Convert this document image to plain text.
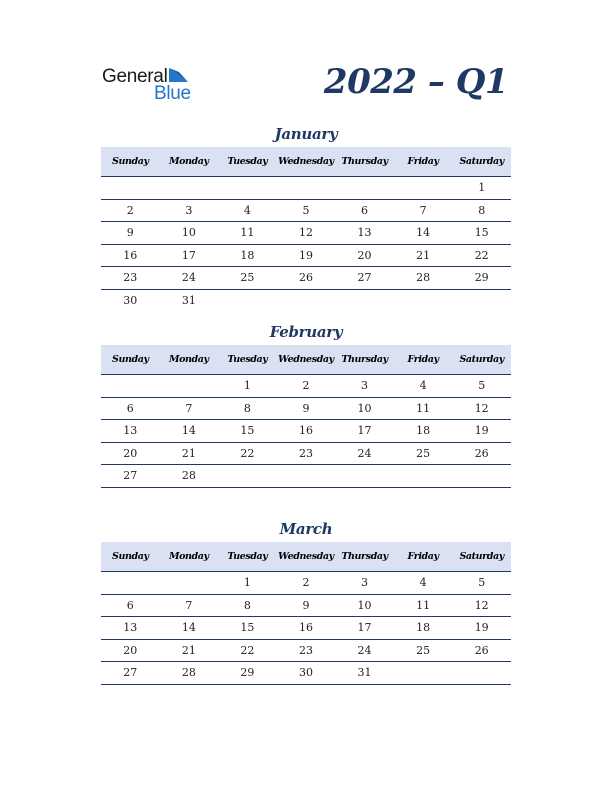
General
Blue	2022 – Q1
January
Sunday	Monday	Tuesday	Wednesday	Thursday	Friday	Saturday
						1
2	3	4	5	6	7	8
9	10	11	12	13	14	15
16	17	18	19	20	21	22
23	24	25	26	27	28	29
30	31					
February
Sunday	Monday	Tuesday	Wednesday	Thursday	Friday	Saturday
		1	2	3	4	5
6	7	8	9	10	11	12
13	14	15	16	17	18	19
20	21	22	23	24	25	26
27	28					
March
Sunday	Monday	Tuesday	Wednesday	Thursday	Friday	Saturday
		1	2	3	4	5
6	7	8	9	10	11	12
13	14	15	16	17	18	19
20	21	22	23	24	25	26
27	28	29	30	31		
